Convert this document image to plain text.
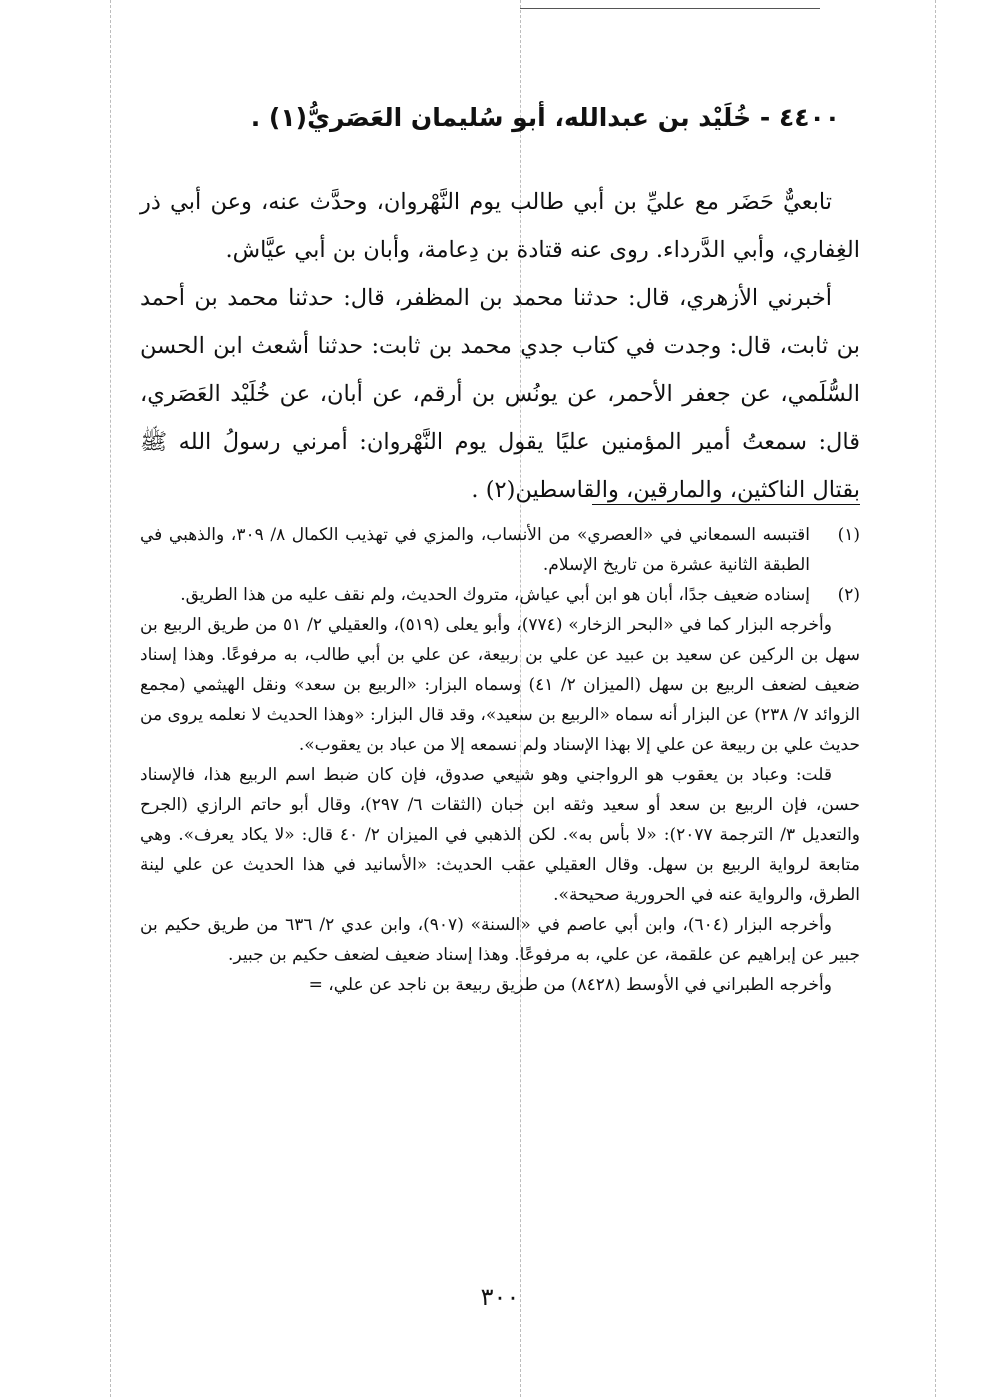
٤٤٠٠ - خُلَيْد بن عبدالله، أبو سُليمان العَصَريُّ(١) .

تابعيٌّ حَضَر مع عليِّ بن أبي طالب يوم النَّهْروان، وحدَّث عنه، وعن أبي ذر الغِفاري، وأبي الدَّرداء. روى عنه قتادة بن دِعامة، وأبان بن أبي عيَّاش.

أخبرني الأزهري، قال: حدثنا محمد بن المظفر، قال: حدثنا محمد بن أحمد بن ثابت، قال: وجدت في كتاب جدي محمد بن ثابت: حدثنا أشعث ابن الحسن السُّلَمي، عن جعفر الأحمر، عن يونُس بن أرقم، عن أبان، عن خُلَيْد العَصَري، قال: سمعتُ أمير المؤمنين عليًا يقول يوم النَّهْروان: أمرني رسولُ الله ﷺ بقتال الناكثين، والمارقين، والقاسطين(٢) .

(١)
اقتبسه السمعاني في «العصري» من الأنساب، والمزي في تهذيب الكمال ٨/ ٣٠٩، والذهبي في الطبقة الثانية عشرة من تاريخ الإسلام.
(٢)
إسناده ضعيف جدًا، أبان هو ابن أبي عياش، متروك الحديث، ولم نقف عليه من هذا الطريق.

وأخرجه البزار كما في «البحر الزخار» (٧٧٤)، وأبو يعلى (٥١٩)، والعقيلي ٢/ ٥١ من طريق الربيع بن سهل بن الركين عن سعيد بن عبيد عن علي بن ربيعة، عن علي بن أبي طالب، به مرفوعًا. وهذا إسناد ضعيف لضعف الربيع بن سهل (الميزان ٢/ ٤١) وسماه البزار: «الربيع بن سعد» ونقل الهيثمي (مجمع الزوائد ٧/ ٢٣٨) عن البزار أنه سماه «الربيع بن سعيد»، وقد قال البزار: «وهذا الحديث لا نعلمه يروى من حديث علي بن ربيعة عن علي إلا بهذا الإسناد ولم نسمعه إلا من عباد بن يعقوب».

قلت: وعباد بن يعقوب هو الرواجني وهو شيعي صدوق، فإن كان ضبط اسم الربيع هذا، فالإسناد حسن، فإن الربيع بن سعد أو سعيد وثقه ابن حبان (الثقات ٦/ ٢٩٧)، وقال أبو حاتم الرازي (الجرح والتعديل ٣/ الترجمة ٢٠٧٧): «لا بأس به». لكن الذهبي في الميزان ٢/ ٤٠ قال: «لا يكاد يعرف». وهي متابعة لرواية الربيع بن سهل. وقال العقيلي عقب الحديث: «الأسانيد في هذا الحديث عن علي لينة الطرق، والرواية عنه في الحرورية صحيحة».

وأخرجه البزار (٦٠٤)، وابن أبي عاصم في «السنة» (٩٠٧)، وابن عدي ٢/ ٦٣٦ من طريق حكيم بن جبير عن إبراهيم عن علقمة، عن علي، به مرفوعًا. وهذا إسناد ضعيف لضعف حكيم بن جبير.

وأخرجه الطبراني في الأوسط (٨٤٢٨) من طريق ربيعة بن ناجد عن علي، =

٣٠٠
